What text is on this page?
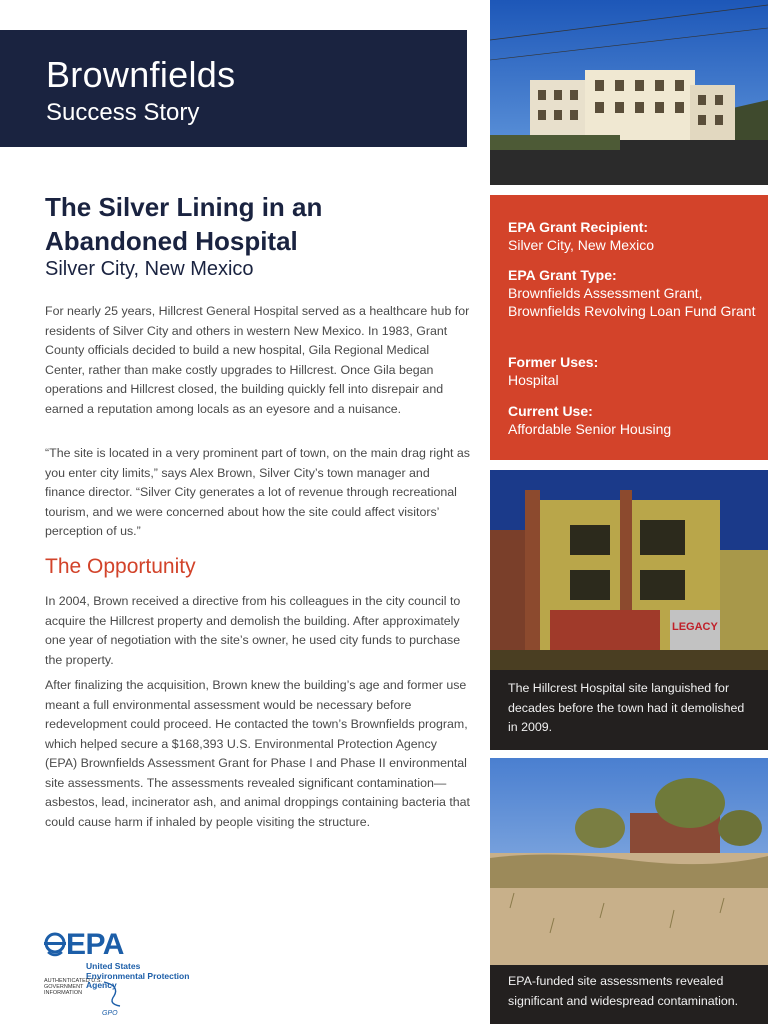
Brownfields
Success Story
The Silver Lining in an Abandoned Hospital
Silver City, New Mexico

For nearly 25 years, Hillcrest General Hospital served as a healthcare hub for residents of Silver City and others in western New Mexico. In 1983, Grant County officials decided to build a new hospital, Gila Regional Medical Center, rather than make costly upgrades to Hillcrest. Once Gila began operations and Hillcrest closed, the building quickly fell into disrepair and earned a reputation among locals as an eyesore and a nuisance.

“The site is located in a very prominent part of town, on the main drag right as you enter city limits,” says Alex Brown, Silver City’s town manager and finance director. “Silver City generates a lot of revenue through recreational tourism, and we were concerned about how the site could affect visitors’ perception of us.”

The Opportunity

In 2004, Brown received a directive from his colleagues in the city council to acquire the Hillcrest property and demolish the building. After approximately one year of negotiation with the site’s owner, he used city funds to purchase the property.

After finalizing the acquisition, Brown knew the building’s age and former use meant a full environmental assessment would be necessary before redevelopment could proceed. He contacted the town’s Brownfields program, which helped secure a $168,393 U.S. Environmental Protection Agency (EPA) Brownfields Assessment Grant for Phase I and Phase II environmental site assessments. The assessments revealed significant contamination—asbestos, lead, incinerator ash, and animal droppings containing bacteria that could cause harm if inhaled by people visiting the structure.

EPA Grant Recipient:
Silver City, New Mexico
EPA Grant Type:
Brownfields Assessment Grant, Brownfields Revolving Loan Fund Grant
Former Uses:
Hospital
Current Use:
Affordable Senior Housing
LEGACY
The Hillcrest Hospital site languished for decades before the town had it demolished in 2009.
EPA-funded site assessments revealed significant and widespread contamination.
EPA
United States Environmental Protection Agency
AUTHENTICATED U.S. GOVERNMENT INFORMATION
GPO
